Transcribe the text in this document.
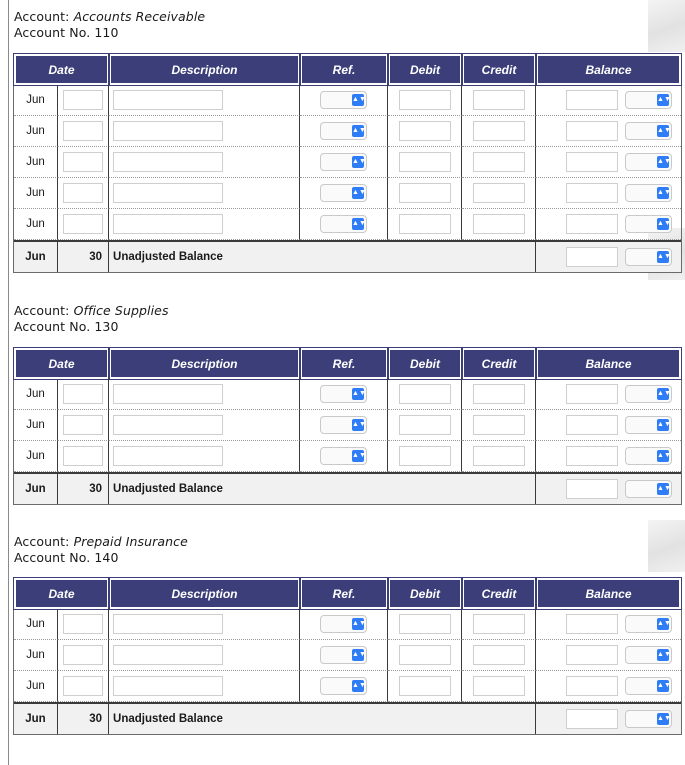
Account: Accounts Receivable
Account No. 110
Date		Description	Ref.	Debit	Credit	Balance
Jun			▲▼			▲▼

Jun			▲▼			▲▼

Jun			▲▼			▲▼

Jun			▲▼			▲▼

Jun			▲▼			▲▼

Jun	30	Unadjusted Balance				▲▼
Account: Office Supplies
Account No. 130
Date		Description	Ref.	Debit	Credit	Balance
Jun			▲▼			▲▼

Jun			▲▼			▲▼

Jun			▲▼			▲▼

Jun	30	Unadjusted Balance				▲▼
Account: Prepaid Insurance
Account No. 140
Date		Description	Ref.	Debit	Credit	Balance
Jun			▲▼			▲▼

Jun			▲▼			▲▼

Jun			▲▼			▲▼

Jun	30	Unadjusted Balance				▲▼
